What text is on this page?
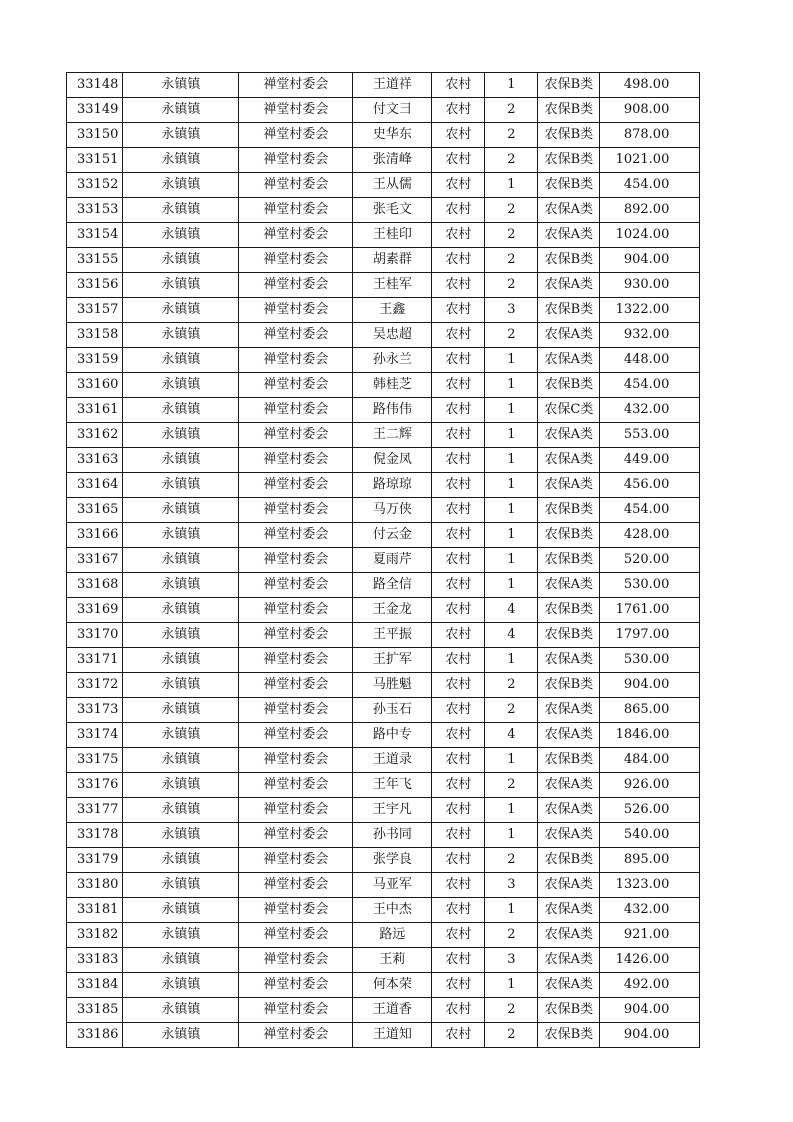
33148	永镇镇	禅堂村委会	王道祥	农村	1	农保B类	498.00
33149	永镇镇	禅堂村委会	付文彐	农村	2	农保B类	908.00
33150	永镇镇	禅堂村委会	史华东	农村	2	农保B类	878.00
33151	永镇镇	禅堂村委会	张清峰	农村	2	农保B类	1021.00
33152	永镇镇	禅堂村委会	王从儒	农村	1	农保B类	454.00
33153	永镇镇	禅堂村委会	张毛文	农村	2	农保A类	892.00
33154	永镇镇	禅堂村委会	王桂印	农村	2	农保A类	1024.00
33155	永镇镇	禅堂村委会	胡素群	农村	2	农保B类	904.00
33156	永镇镇	禅堂村委会	王桂军	农村	2	农保A类	930.00
33157	永镇镇	禅堂村委会	王鑫	农村	3	农保B类	1322.00
33158	永镇镇	禅堂村委会	吴忠超	农村	2	农保A类	932.00
33159	永镇镇	禅堂村委会	孙永兰	农村	1	农保A类	448.00
33160	永镇镇	禅堂村委会	韩桂芝	农村	1	农保B类	454.00
33161	永镇镇	禅堂村委会	路伟伟	农村	1	农保C类	432.00
33162	永镇镇	禅堂村委会	王二辉	农村	1	农保A类	553.00
33163	永镇镇	禅堂村委会	倪金凤	农村	1	农保A类	449.00
33164	永镇镇	禅堂村委会	路琼琼	农村	1	农保A类	456.00
33165	永镇镇	禅堂村委会	马万侠	农村	1	农保B类	454.00
33166	永镇镇	禅堂村委会	付云金	农村	1	农保B类	428.00
33167	永镇镇	禅堂村委会	夏雨芹	农村	1	农保B类	520.00
33168	永镇镇	禅堂村委会	路全信	农村	1	农保A类	530.00
33169	永镇镇	禅堂村委会	王金龙	农村	4	农保B类	1761.00
33170	永镇镇	禅堂村委会	王平振	农村	4	农保B类	1797.00
33171	永镇镇	禅堂村委会	王扩军	农村	1	农保A类	530.00
33172	永镇镇	禅堂村委会	马胜魁	农村	2	农保B类	904.00
33173	永镇镇	禅堂村委会	孙玉石	农村	2	农保A类	865.00
33174	永镇镇	禅堂村委会	路中专	农村	4	农保A类	1846.00
33175	永镇镇	禅堂村委会	王道录	农村	1	农保B类	484.00
33176	永镇镇	禅堂村委会	王年飞	农村	2	农保A类	926.00
33177	永镇镇	禅堂村委会	王宇凡	农村	1	农保A类	526.00
33178	永镇镇	禅堂村委会	孙书同	农村	1	农保A类	540.00
33179	永镇镇	禅堂村委会	张学良	农村	2	农保B类	895.00
33180	永镇镇	禅堂村委会	马亚军	农村	3	农保A类	1323.00
33181	永镇镇	禅堂村委会	王中杰	农村	1	农保A类	432.00
33182	永镇镇	禅堂村委会	路远	农村	2	农保A类	921.00
33183	永镇镇	禅堂村委会	王莉	农村	3	农保A类	1426.00
33184	永镇镇	禅堂村委会	何本荣	农村	1	农保A类	492.00
33185	永镇镇	禅堂村委会	王道香	农村	2	农保B类	904.00
33186	永镇镇	禅堂村委会	王道知	农村	2	农保B类	904.00
